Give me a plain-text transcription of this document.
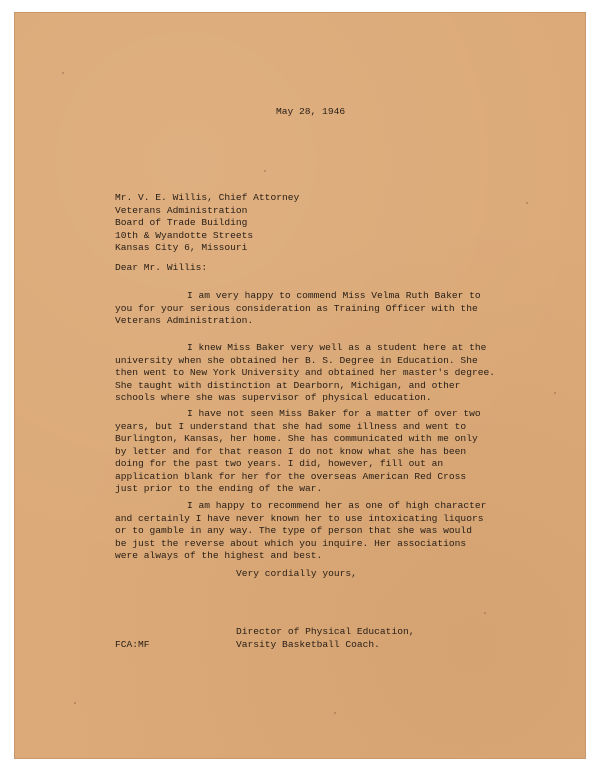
May 28, 1946
Mr. V. E. Willis, Chief Attorney
Veterans Administration
Board of Trade Building
10th & Wyandotte Streets
Kansas City 6, Missouri
Dear Mr. Willis:
I am very happy to commend Miss Velma Ruth Baker to
you for your serious consideration as Training Officer with the
Veterans Administration.
I knew Miss Baker very well as a student here at the
university when she obtained her B. S. Degree in Education. She
then went to New York University and obtained her master's degree.
She taught with distinction at Dearborn, Michigan, and other
schools where she was supervisor of physical education.
I have not seen Miss Baker for a matter of over two
years, but I understand that she had some illness and went to
Burlington, Kansas, her home. She has communicated with me only
by letter and for that reason I do not know what she has been
doing for the past two years. I did, however, fill out an
application blank for her for the overseas American Red Cross
just prior to the ending of the war.
I am happy to recommend her as one of high character
and certainly I have never known her to use intoxicating liquors
or to gamble in any way. The type of person that she was would
be just the reverse about which you inquire. Her associations
were always of the highest and best.
Very cordially yours,
Director of Physical Education,
Varsity Basketball Coach.
FCA:MF
